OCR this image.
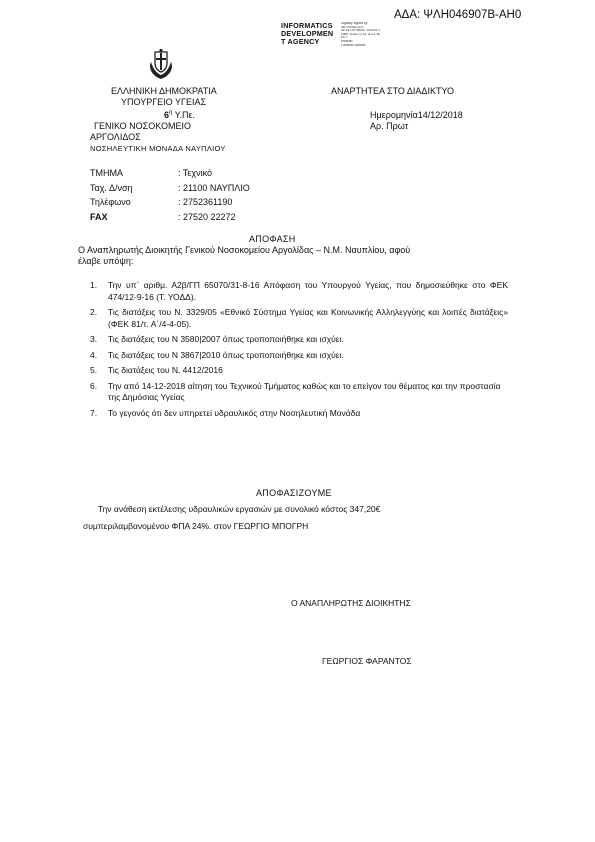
ΑΔΑ: ΨΛΗ046907Β-ΑΗ0
INFORMATICS
DEVELOPMEN
T AGENCY
Digitally signed by
INFORMATICS
DEVELOPMENT AGENCY
Date: 2018.12.18 11:21:36
EET
Reason:
Location: Athens
ΕΛΛΗΝΙΚΗ ΔΗΜΟΚΡΑΤΙΑ
ΥΠΟΥΡΓΕΙΟ ΥΓΕΙΑΣ
$6^\eta$ Υ.Πε.
ΓΕΝΙΚΟ ΝΟΣΟΚΟΜΕΙΟ
ΑΡΓΟΛΙΔΟΣ
ΝΟΣΗΛΕΥΤΙΚΗ ΜΟΝΑΔΑ ΝΑΥΠΛΙΟΥ
ΑΝΑΡΤΗΤΕΑ ΣΤΟ ΔΙΑΔΙΚΤΥΟ
Ημερομηνία14/12/2018
Αρ. Πρωτ
ΤΜΗΜΑ	: Τεχνικό
Ταχ. Δ/νση	: 21100 ΝΑΥΠΛΙΟ
Τηλέφωνο	: 2752361190
FAX	: 27520 22272
ΑΠΟΦΑΣΗ
Ο Αναπληρωτής Διοικητής Γενικού Νοσοκομείου Αργολίδας – Ν.Μ. Ναυπλίου, αφού
έλαβε υπόψη:
1.	Την υπ΄ αριθμ. Α2β/ΓΠ 65070/31-8-16 Απόφαση του Υπουργού Υγείας, που δημοσιεύθηκε στο ΦΕΚ 474/12-9-16 (Τ. ΥΟΔΔ).
2.	Τις διατάξεις του Ν. 3329/05 «Εθνικό Σύστημα Υγείας και Κοινωνικής Αλληλεγγύης και λοιπές διατάξεις» (ΦΕΚ 81/τ. Α΄/4-4-05).
3.	Τις διατάξεις του Ν 3580|2007 όπως τροποποιήθηκε και ισχύει.
4.	Τις διατάξεις του Ν 3867|2010 όπως τροποποιήθηκε και ισχύει.
5.	Τις διατάξεις του Ν. 4412/2016
6.	Την από 14-12-2018 αίτηση του Τεχνικού Τμήματος καθώς και το επείγον του θέματος και την προστασία της Δημόσιας Υγείας
7.	Το γεγονός ότι δεν υπηρετεί υδραυλικός στην Νοσηλευτική Μονάδα
ΑΠΟΦΑΣΙΖΟΥΜΕ
Την ανάθεση εκτέλεσης υδραυλικών εργασιών με συνολικό κόστος 347,20€
συμπεριλαμβανομένου ΦΠΑ 24%. στον ΓΕΩΡΓΙΟ ΜΠΟΓΡΗ
Ο ΑΝΑΠΛΗΡΩΤΗΣ ΔΙΟΙΚΗΤΗΣ
ΓΕΩΡΓΙΟΣ ΦΑΡΑΝΤΟΣ
